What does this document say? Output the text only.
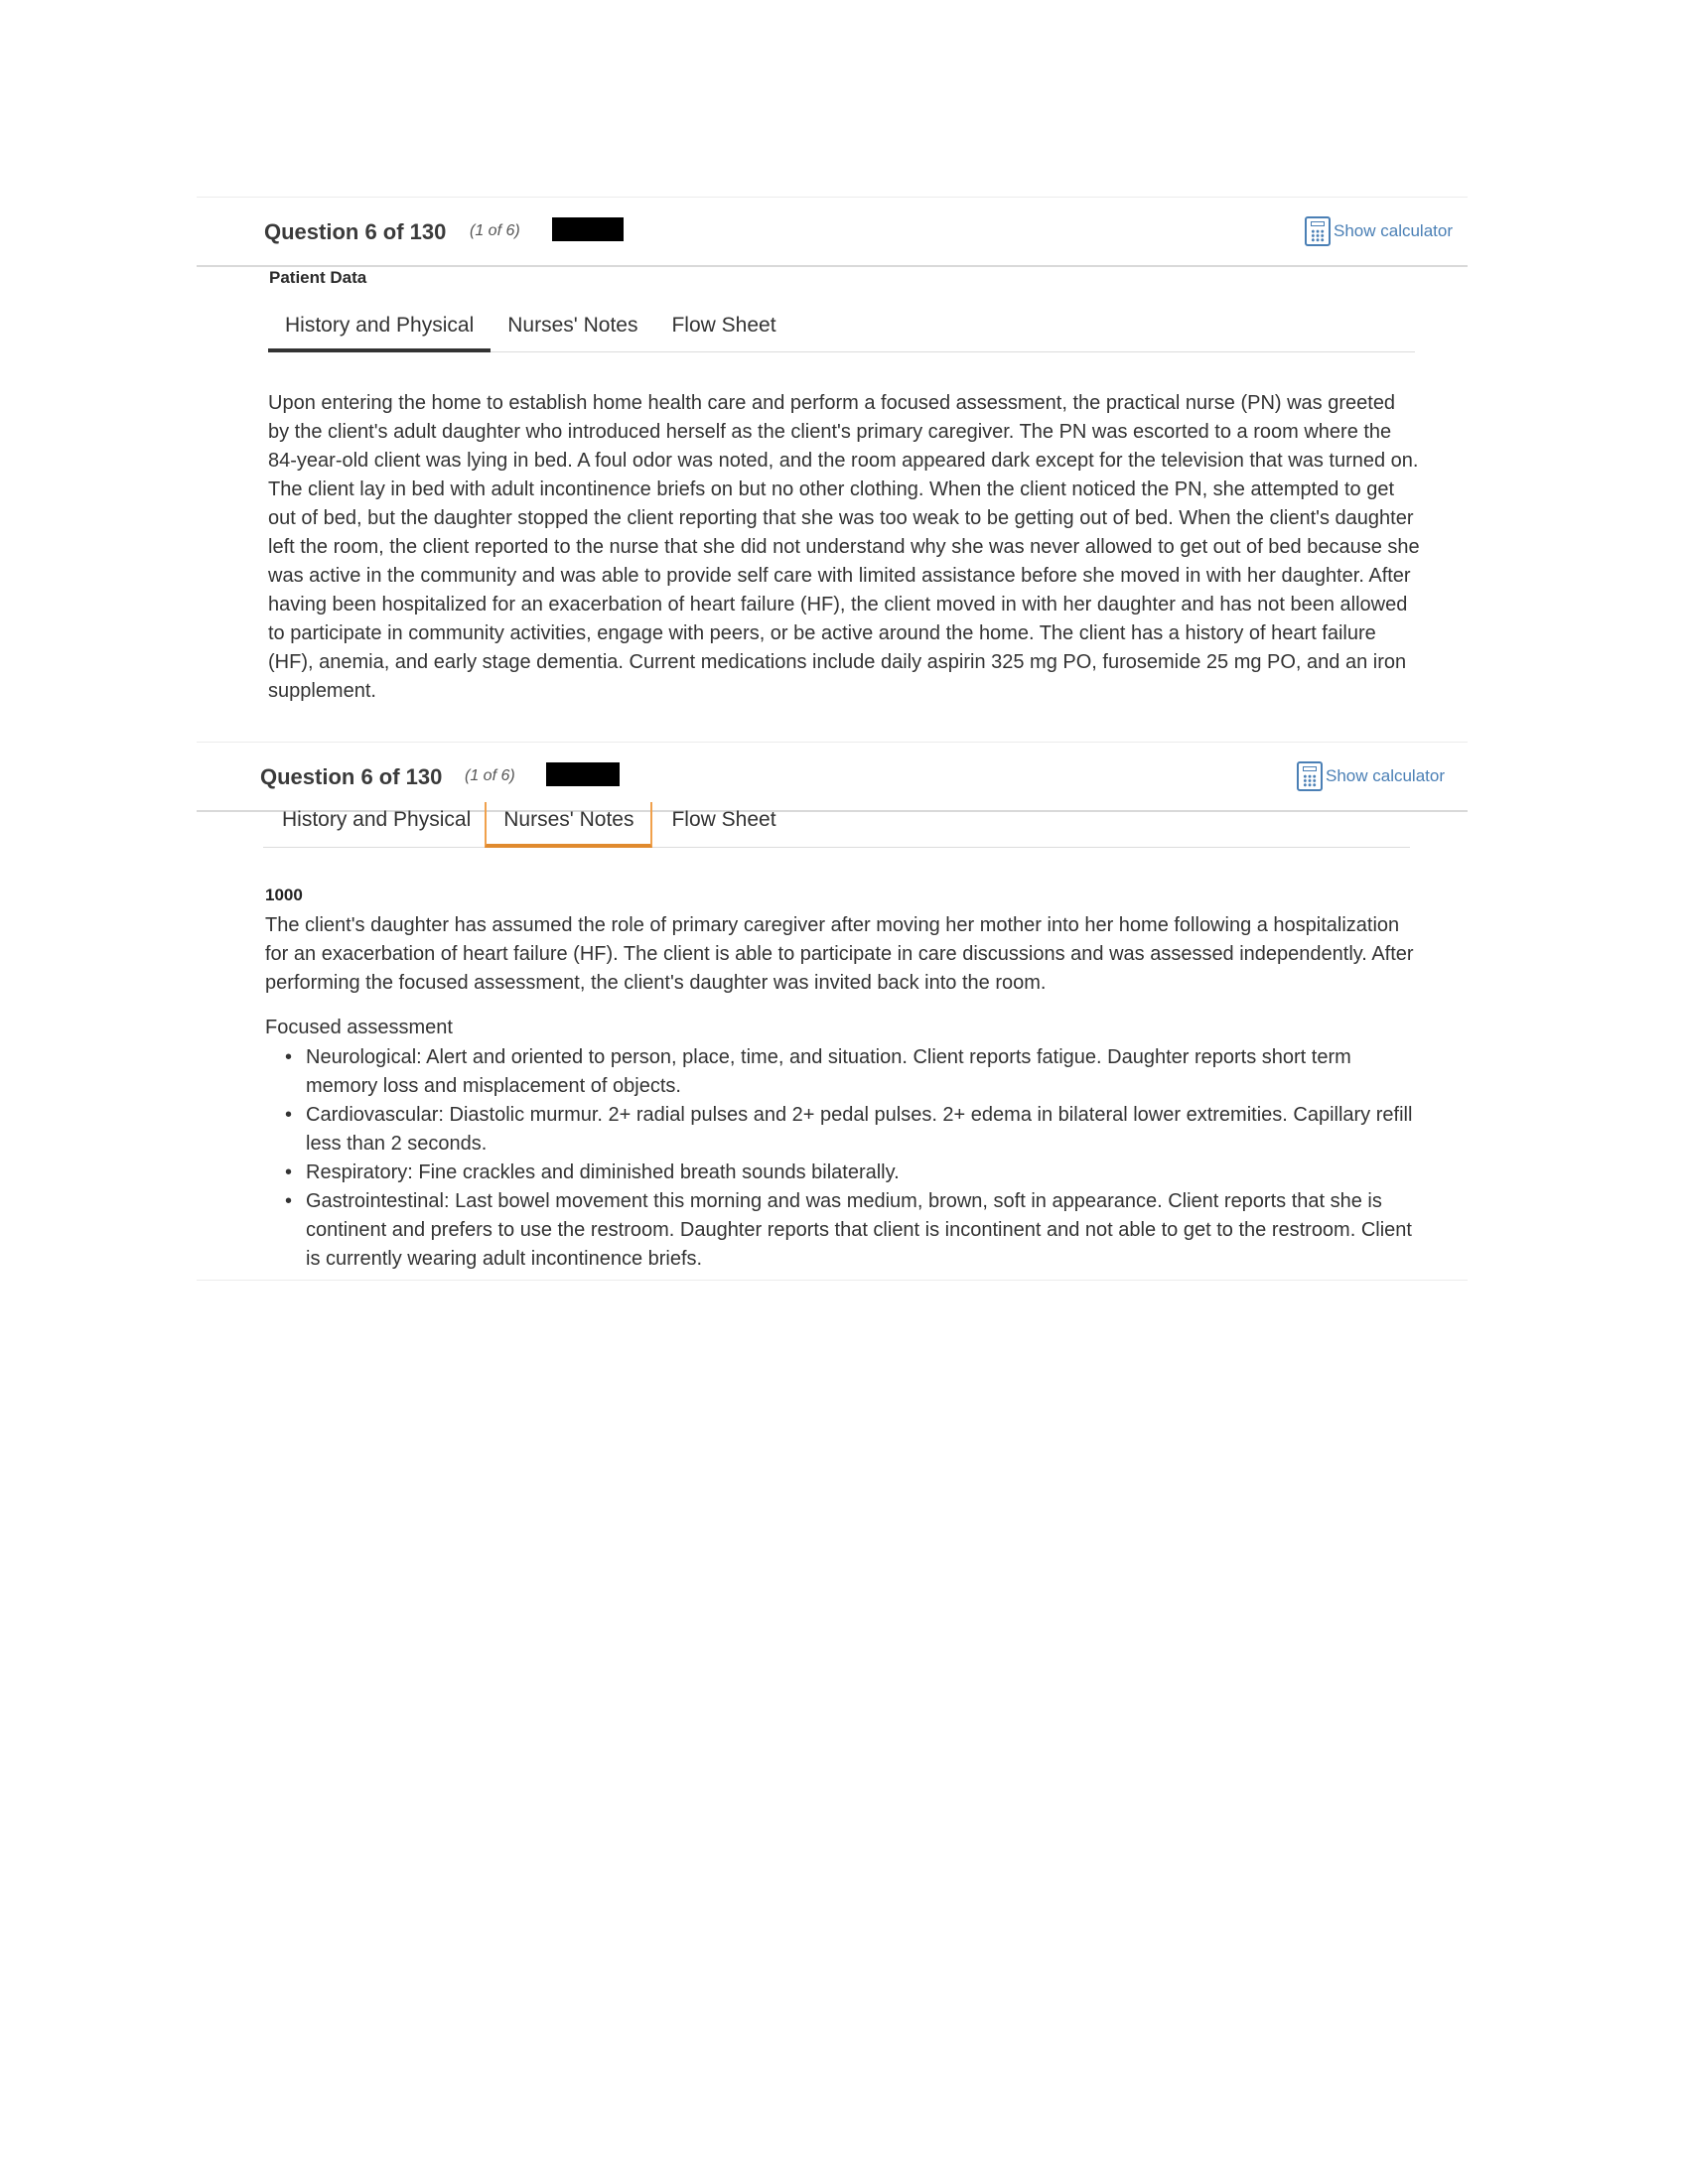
Question 6 of 130 (1 of 6)	Show calculator
Patient Data
History and Physical	Nurses' Notes	Flow Sheet

Upon entering the home to establish home health care and perform a focused assessment, the practical nurse (PN) was greeted by the client's adult daughter who introduced herself as the client's primary caregiver. The PN was escorted to a room where the 84-year-old client was lying in bed. A foul odor was noted, and the room appeared dark except for the television that was turned on. The client lay in bed with adult incontinence briefs on but no other clothing. When the client noticed the PN, she attempted to get out of bed, but the daughter stopped the client reporting that she was too weak to be getting out of bed. When the client's daughter left the room, the client reported to the nurse that she did not understand why she was never allowed to get out of bed because she was active in the community and was able to provide self care with limited assistance before she moved in with her daughter. After having been hospitalized for an exacerbation of heart failure (HF), the client moved in with her daughter and has not been allowed to participate in community activities, engage with peers, or be active around the home. The client has a history of heart failure (HF), anemia, and early stage dementia. Current medications include daily aspirin 325 mg PO, furosemide 25 mg PO, and an iron supplement.

Question 6 of 130 (1 of 6)	Show calculator
History and Physical	Nurses' Notes	Flow Sheet
1000

The client's daughter has assumed the role of primary caregiver after moving her mother into her home following a hospitalization for an exacerbation of heart failure (HF). The client is able to participate in care discussions and was assessed independently. After performing the focused assessment, the client's daughter was invited back into the room.

Focused assessment
• Neurological: Alert and oriented to person, place, time, and situation. Client reports fatigue. Daughter reports short term memory loss and misplacement of objects.
• Cardiovascular: Diastolic murmur. 2+ radial pulses and 2+ pedal pulses. 2+ edema in bilateral lower extremities. Capillary refill less than 2 seconds.
• Respiratory: Fine crackles and diminished breath sounds bilaterally.
• Gastrointestinal: Last bowel movement this morning and was medium, brown, soft in appearance. Client reports that she is continent and prefers to use the restroom. Daughter reports that client is incontinent and not able to get to the restroom. Client is currently wearing adult incontinence briefs.
